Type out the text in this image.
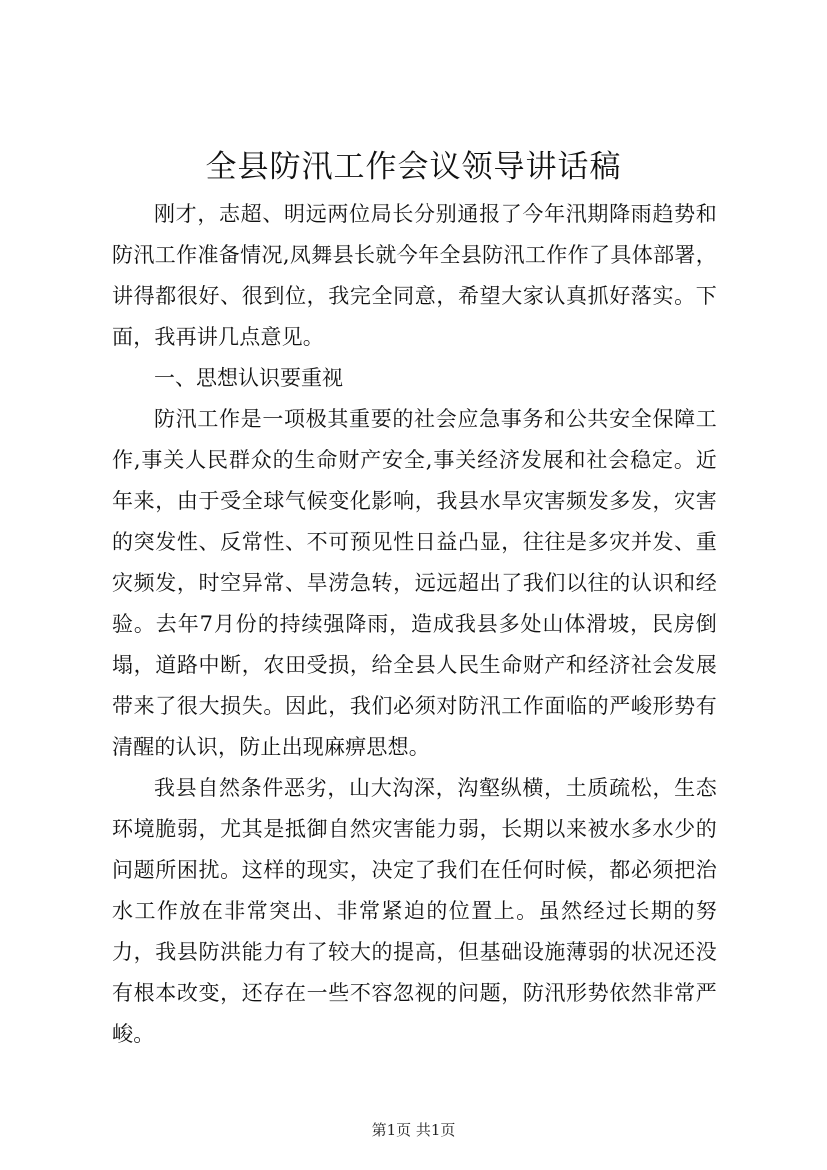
全县防汛工作会议领导讲话稿

刚才，志超、明远两位局长分别通报了今年汛期降雨趋势和防汛工作准备情况,凤舞县长就今年全县防汛工作作了具体部署，讲得都很好、很到位，我完全同意，希望大家认真抓好落实。下面，我再讲几点意见。

一、思想认识要重视

防汛工作是一项极其重要的社会应急事务和公共安全保障工作,事关人民群众的生命财产安全,事关经济发展和社会稳定。近年来，由于受全球气候变化影响，我县水旱灾害频发多发，灾害的突发性、反常性、不可预见性日益凸显，往往是多灾并发、重灾频发，时空异常、旱涝急转，远远超出了我们以往的认识和经验。去年7月份的持续强降雨，造成我县多处山体滑坡，民房倒塌，道路中断，农田受损，给全县人民生命财产和经济社会发展带来了很大损失。因此，我们必须对防汛工作面临的严峻形势有清醒的认识，防止出现麻痹思想。

我县自然条件恶劣，山大沟深，沟壑纵横，土质疏松，生态环境脆弱，尤其是抵御自然灾害能力弱，长期以来被水多水少的问题所困扰。这样的现实，决定了我们在任何时候，都必须把治水工作放在非常突出、非常紧迫的位置上。虽然经过长期的努力，我县防洪能力有了较大的提高，但基础设施薄弱的状况还没有根本改变，还存在一些不容忽视的问题，防汛形势依然非常严峻。

第1页 共1页
